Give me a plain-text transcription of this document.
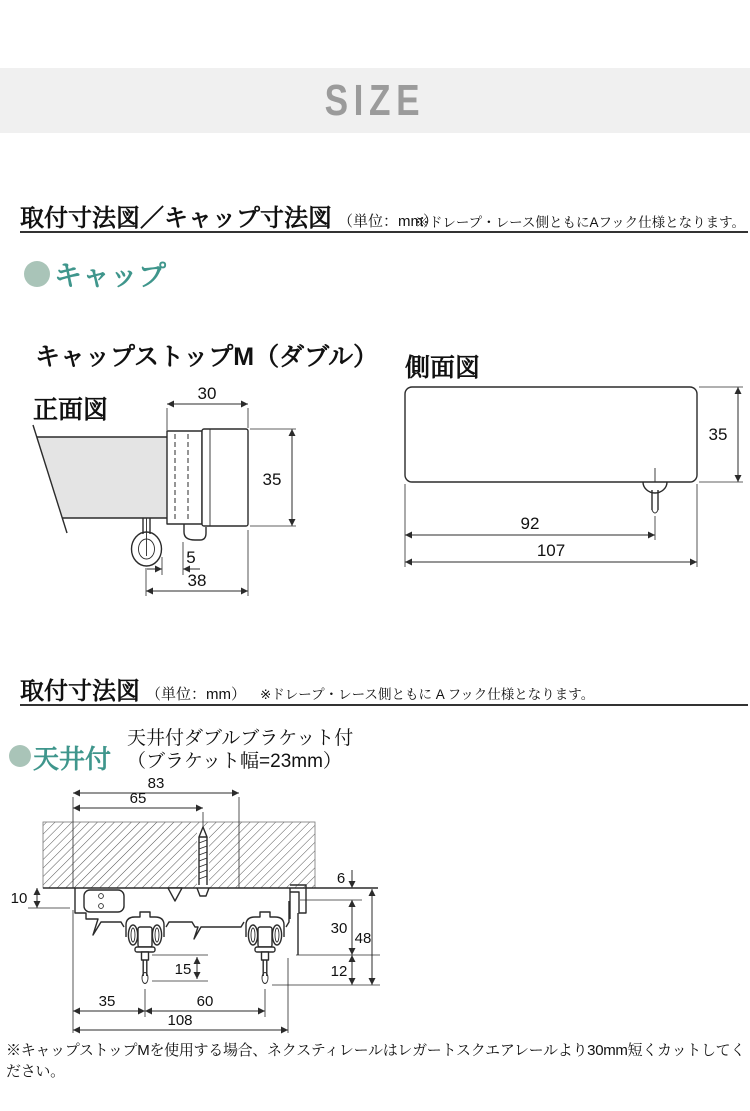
SIZE
取付寸法図／キャップ寸法図 （単位：mm）
※ドレープ・レース側ともにAフック仕様となります。
キャップ
キャップストップM（ダブル）
正面図
30
35
5
38
側面図
35
92
107
取付寸法図 （単位：mm） ※ドレープ・レース側ともに A フック仕様となります。
天井付
天井付ダブルブラケット付
（ブラケット幅=23mm）
83
65
10
15
6
30
12
48
35	60
108
※キャップストップMを使用する場合、ネクスティレールはレガートスクエアレールより30mm短くカットしてください。
